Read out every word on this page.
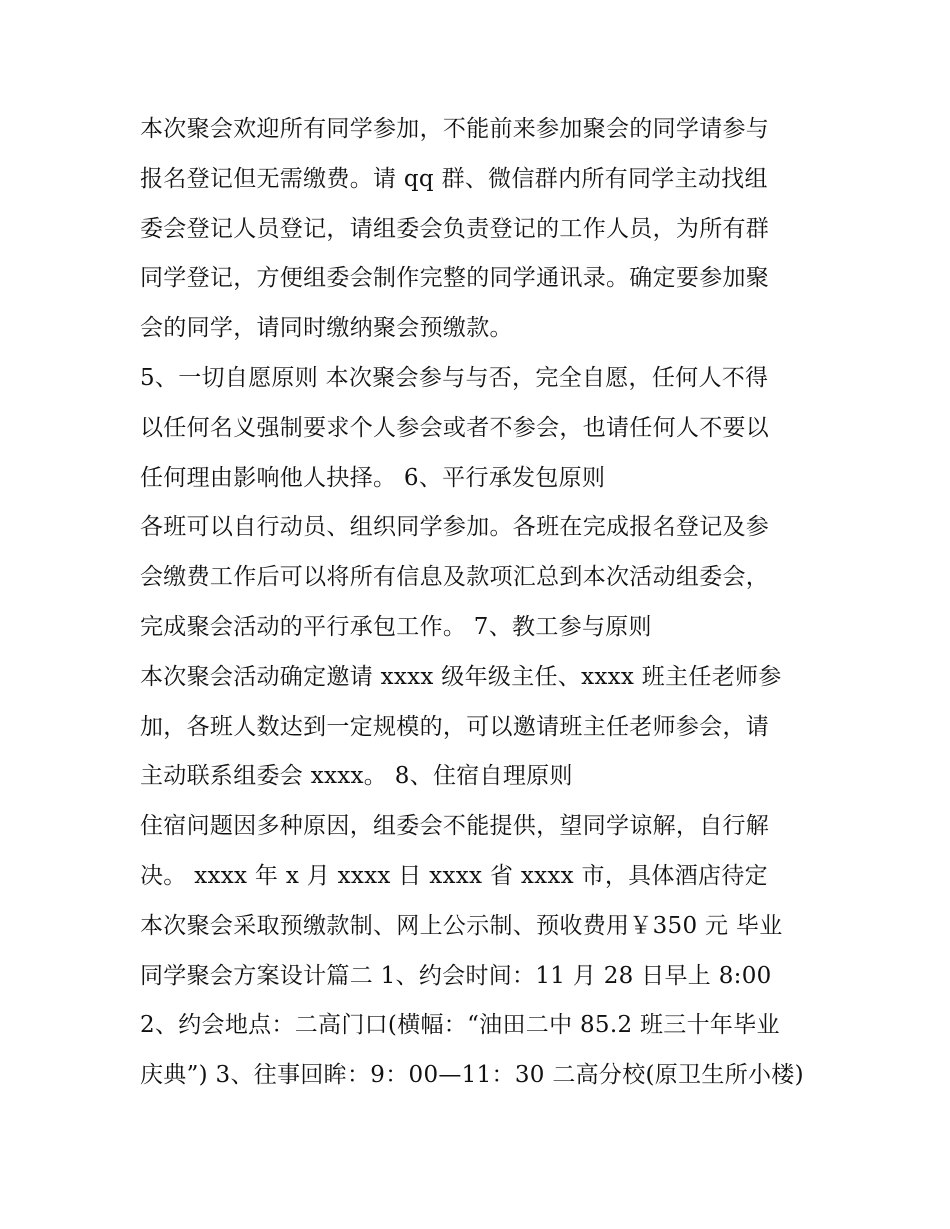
本次聚会欢迎所有同学参加，不能前来参加聚会的同学请参与
报名登记但无需缴费。请 qq 群、微信群内所有同学主动找组
委会登记人员登记，请组委会负责登记的工作人员，为所有群
同学登记，方便组委会制作完整的同学通讯录。确定要参加聚
会的同学，请同时缴纳聚会预缴款。
5、一切自愿原则 本次聚会参与与否，完全自愿，任何人不得
以任何名义强制要求个人参会或者不参会，也请任何人不要以
任何理由影响他人抉择。 6、平行承发包原则
各班可以自行动员、组织同学参加。各班在完成报名登记及参
会缴费工作后可以将所有信息及款项汇总到本次活动组委会，
完成聚会活动的平行承包工作。 7、教工参与原则
本次聚会活动确定邀请 xxxx 级年级主任、xxxx 班主任老师参
加，各班人数达到一定规模的，可以邀请班主任老师参会，请
主动联系组委会 xxxx。 8、住宿自理原则
住宿问题因多种原因，组委会不能提供，望同学谅解，自行解
决。 xxxx 年 x 月 xxxx 日 xxxx 省 xxxx 市，具体酒店待定
本次聚会采取预缴款制、网上公示制、预收费用￥350 元 毕业
同学聚会方案设计篇二 1、约会时间：11 月 28 日早上 8:00
2、约会地点：二高门口(横幅：“油田二中 85.2 班三十年毕业
庆典”) 3、往事回眸：9：00—11：30 二高分校(原卫生所小楼)
